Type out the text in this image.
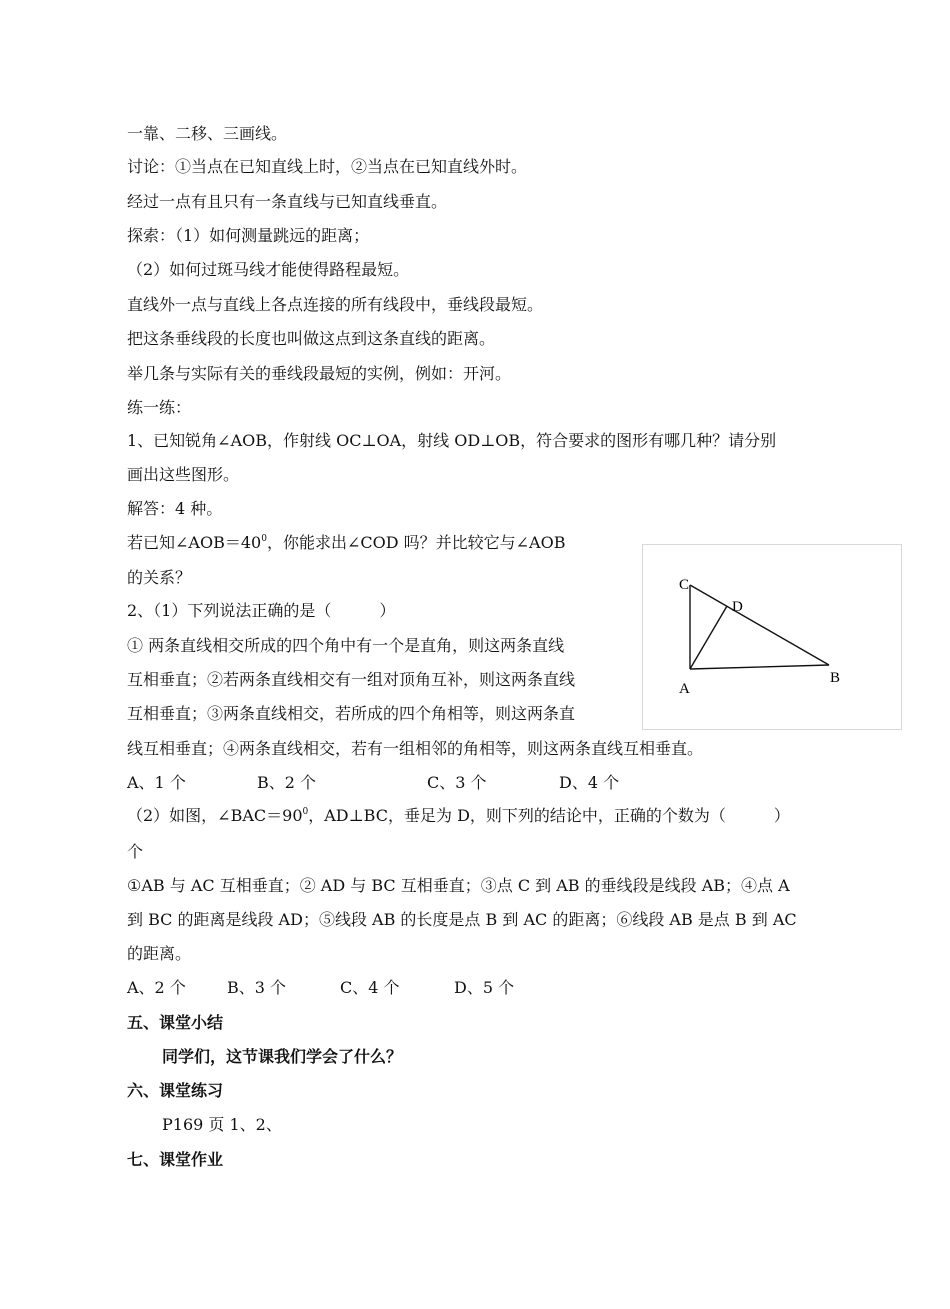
一靠、二移、三画线。
讨论：①当点在已知直线上时，②当点在已知直线外时。
经过一点有且只有一条直线与已知直线垂直。
探索：（1）如何测量跳远的距离；
（2）如何过斑马线才能使得路程最短。
直线外一点与直线上各点连接的所有线段中，垂线段最短。
把这条垂线段的长度也叫做这点到这条直线的距离。
举几条与实际有关的垂线段最短的实例，例如：开河。
练一练：
1、已知锐角∠AOB，作射线 OC⊥OA，射线 OD⊥OB，符合要求的图形有哪几种？请分别
画出这些图形。
解答：4 种。
若已知$\angle AOB=40^0$，你能求出∠COD 吗？并比较它与∠AOB
的关系？
2、（1）下列说法正确的是（　　　）
① 两条直线相交所成的四个角中有一个是直角，则这两条直线
互相垂直；②若两条直线相交有一组对顶角互补，则这两条直线
互相垂直；③两条直线相交，若所成的四个角相等，则这两条直
线互相垂直；④两条直线相交，若有一组相邻的角相等，则这两条直线互相垂直。
A、1 个	B、2 个	C、3 个	D、4 个
（2）如图，$\angle BAC=90^0$，AD⊥BC，垂足为 D，则下列的结论中，正确的个数为（　　　）
个
①AB 与 AC 互相垂直；② AD 与 BC 互相垂直；③点 C 到 AB 的垂线段是线段 AB；④点 A
到 BC 的距离是线段 AD；⑤线段 AB 的长度是点 B 到 AC 的距离；⑥线段 AB 是点 B 到 AC
的距离。
A、2 个	B、3 个	C、4 个	D、5 个
五、课堂小结
同学们，这节课我们学会了什么？
六、课堂练习
P169 页 1、2、
七、课堂作业
C
D
A
B
